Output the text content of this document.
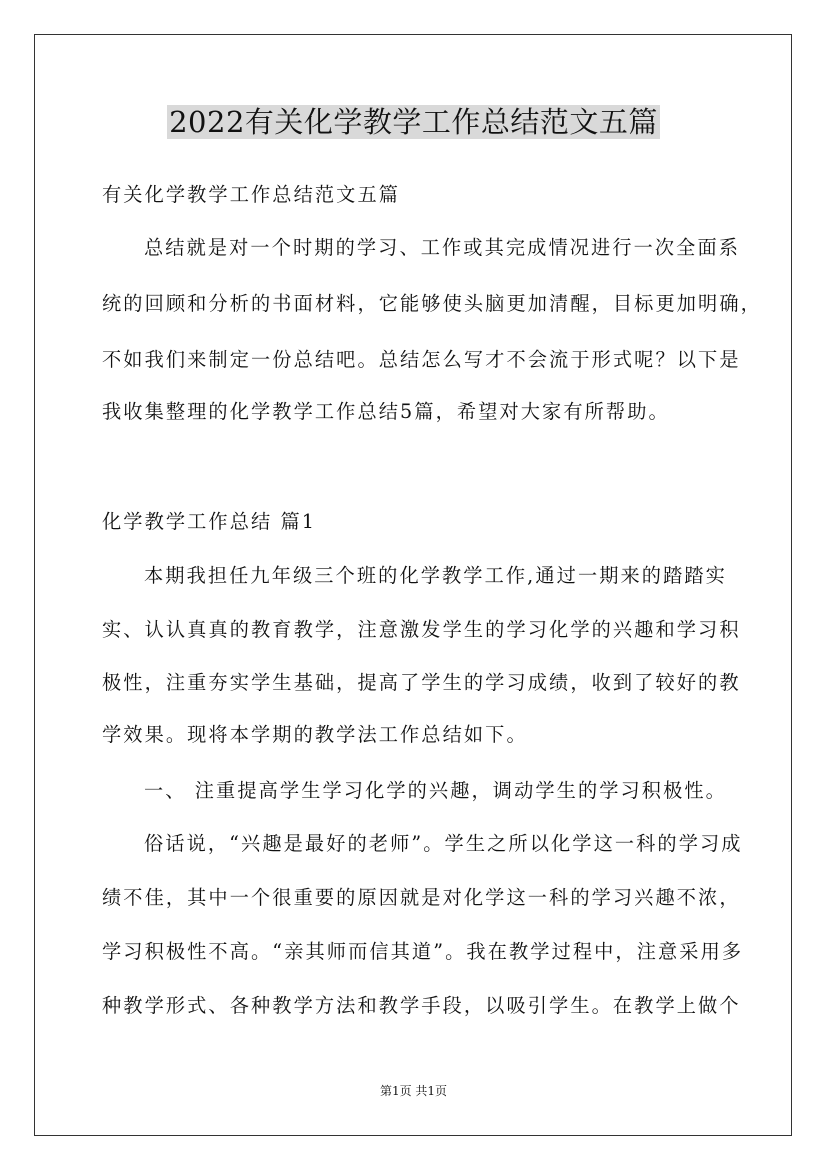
2022有关化学教学工作总结范文五篇

有关化学教学工作总结范文五篇

总结就是对一个时期的学习、工作或其完成情况进行一次全面系

统的回顾和分析的书面材料，它能够使头脑更加清醒，目标更加明确，

不如我们来制定一份总结吧。总结怎么写才不会流于形式呢？以下是

我收集整理的化学教学工作总结5篇，希望对大家有所帮助。

化学教学工作总结 篇1

本期我担任九年级三个班的化学教学工作,通过一期来的踏踏实

实、认认真真的教育教学，注意激发学生的学习化学的兴趣和学习积

极性，注重夯实学生基础，提高了学生的学习成绩，收到了较好的教

学效果。现将本学期的教学法工作总结如下。

一、 注重提高学生学习化学的兴趣，调动学生的学习积极性。

俗话说，“兴趣是最好的老师”。学生之所以化学这一科的学习成

绩不佳，其中一个很重要的原因就是对化学这一科的学习兴趣不浓，

学习积极性不高。“亲其师而信其道”。我在教学过程中，注意采用多

种教学形式、各种教学方法和教学手段，以吸引学生。在教学上做个

第1页 共1页
